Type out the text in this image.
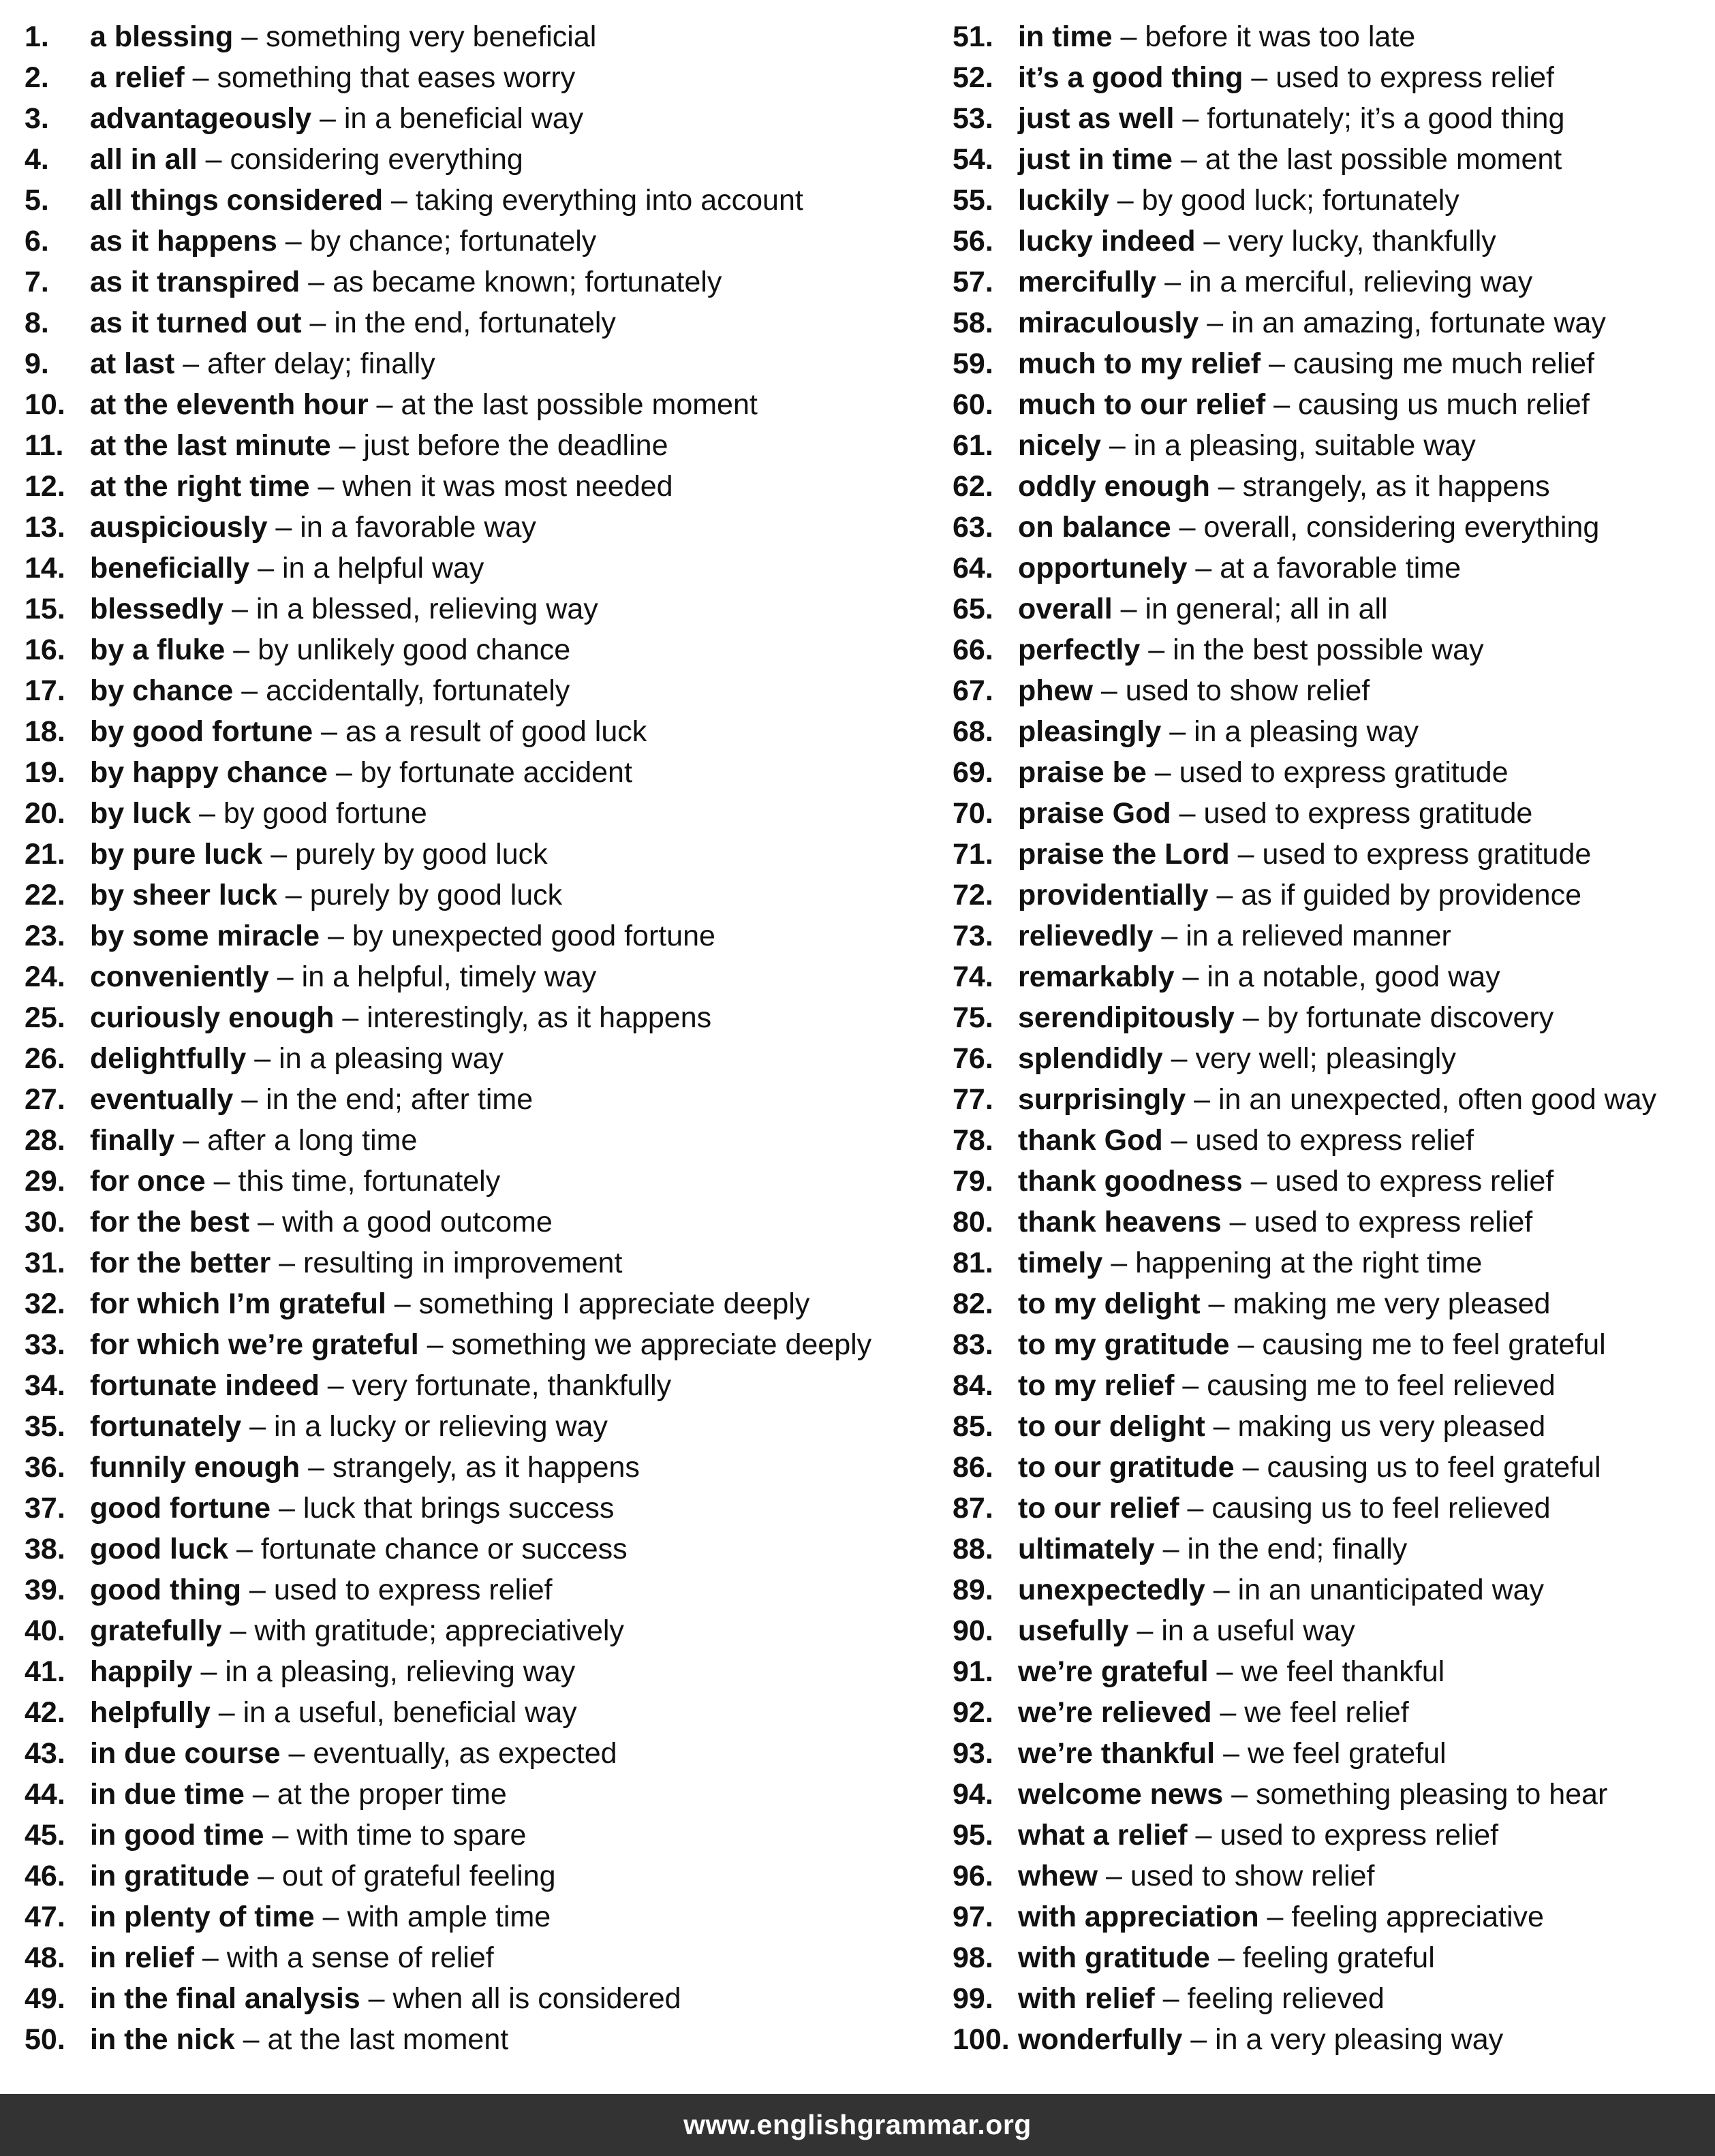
1.	a blessing – something very beneficial
2.	a relief – something that eases worry
3.	advantageously – in a beneficial way
4.	all in all – considering everything
5.	all things considered – taking everything into account
6.	as it happens – by chance; fortunately
7.	as it transpired – as became known; fortunately
8.	as it turned out – in the end, fortunately
9.	at last – after delay; finally
10. at the eleventh hour – at the last possible moment
11. at the last minute – just before the deadline
12. at the right time – when it was most needed
13. auspiciously – in a favorable way
14. beneficially – in a helpful way
15. blessedly – in a blessed, relieving way
16. by a fluke – by unlikely good chance
17. by chance – accidentally, fortunately
18. by good fortune – as a result of good luck
19. by happy chance – by fortunate accident
20. by luck – by good fortune
21. by pure luck – purely by good luck
22. by sheer luck – purely by good luck
23. by some miracle – by unexpected good fortune
24. conveniently – in a helpful, timely way
25. curiously enough – interestingly, as it happens
26. delightfully – in a pleasing way
27. eventually – in the end; after time
28. finally – after a long time
29. for once – this time, fortunately
30. for the best – with a good outcome
31. for the better – resulting in improvement
32. for which I’m grateful – something I appreciate deeply
33. for which we’re grateful – something we appreciate deeply
34. fortunate indeed – very fortunate, thankfully
35. fortunately – in a lucky or relieving way
36. funnily enough – strangely, as it happens
37. good fortune – luck that brings success
38. good luck – fortunate chance or success
39. good thing – used to express relief
40. gratefully – with gratitude; appreciatively
41. happily – in a pleasing, relieving way
42. helpfully – in a useful, beneficial way
43. in due course – eventually, as expected
44. in due time – at the proper time
45. in good time – with time to spare
46. in gratitude – out of grateful feeling
47. in plenty of time – with ample time
48. in relief – with a sense of relief
49. in the final analysis – when all is considered
50. in the nick – at the last moment
51. in time – before it was too late
52. it’s a good thing – used to express relief
53. just as well – fortunately; it’s a good thing
54. just in time – at the last possible moment
55. luckily – by good luck; fortunately
56. lucky indeed – very lucky, thankfully
57. mercifully – in a merciful, relieving way
58. miraculously – in an amazing, fortunate way
59. much to my relief – causing me much relief
60. much to our relief – causing us much relief
61. nicely – in a pleasing, suitable way
62. oddly enough – strangely, as it happens
63. on balance – overall, considering everything
64. opportunely – at a favorable time
65. overall – in general; all in all
66. perfectly – in the best possible way
67. phew – used to show relief
68. pleasingly – in a pleasing way
69. praise be – used to express gratitude
70. praise God – used to express gratitude
71. praise the Lord – used to express gratitude
72. providentially – as if guided by providence
73. relievedly – in a relieved manner
74. remarkably – in a notable, good way
75. serendipitously – by fortunate discovery
76. splendidly – very well; pleasingly
77. surprisingly – in an unexpected, often good way
78. thank God – used to express relief
79. thank goodness – used to express relief
80. thank heavens – used to express relief
81. timely – happening at the right time
82. to my delight – making me very pleased
83. to my gratitude – causing me to feel grateful
84. to my relief – causing me to feel relieved
85. to our delight – making us very pleased
86. to our gratitude – causing us to feel grateful
87. to our relief – causing us to feel relieved
88. ultimately – in the end; finally
89. unexpectedly – in an unanticipated way
90. usefully – in a useful way
91. we’re grateful – we feel thankful
92. we’re relieved – we feel relief
93. we’re thankful – we feel grateful
94. welcome news – something pleasing to hear
95. what a relief – used to express relief
96. whew – used to show relief
97. with appreciation – feeling appreciative
98. with gratitude – feeling grateful
99. with relief – feeling relieved
100. wonderfully – in a very pleasing way
www.englishgrammar.org
